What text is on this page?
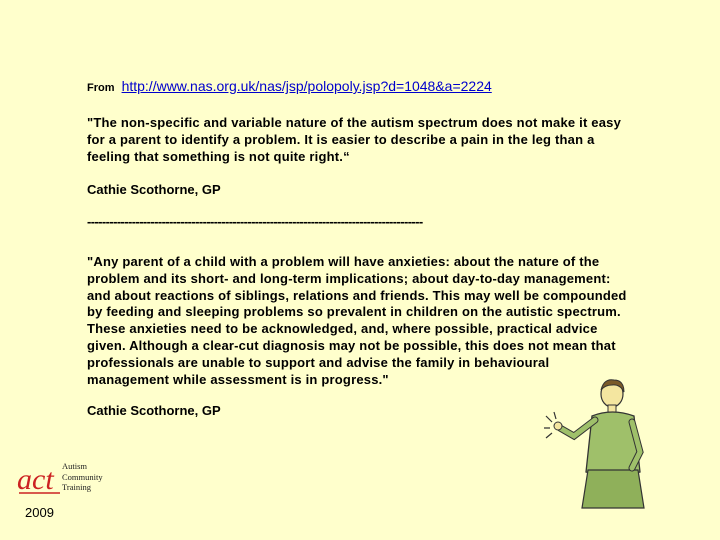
From http://www.nas.org.uk/nas/jsp/polopoly.jsp?d=1048&a=2224
"The non-specific and variable nature of the autism spectrum does not make it easy for a parent to identify a problem. It is easier to describe a pain in the leg than a feeling that something is not quite right.“
Cathie Scothorne, GP
------------------------------------------------------------------------------------------
"Any parent of a child with a problem will have anxieties: about the nature of the problem and its short- and long-term implications; about day-to-day management: and about reactions of siblings, relations and friends. This may well be compounded by feeding and sleeping problems so prevalent in children on the autistic spectrum. These anxieties need to be acknowledged, and, where possible, practical advice given. Although a clear-cut diagnosis may not be possible, this does not mean that professionals are unable to support and advise the family in behavioural management while assessment is in progress."
Cathie Scothorne, GP
act Autism
Community
Training
2009
